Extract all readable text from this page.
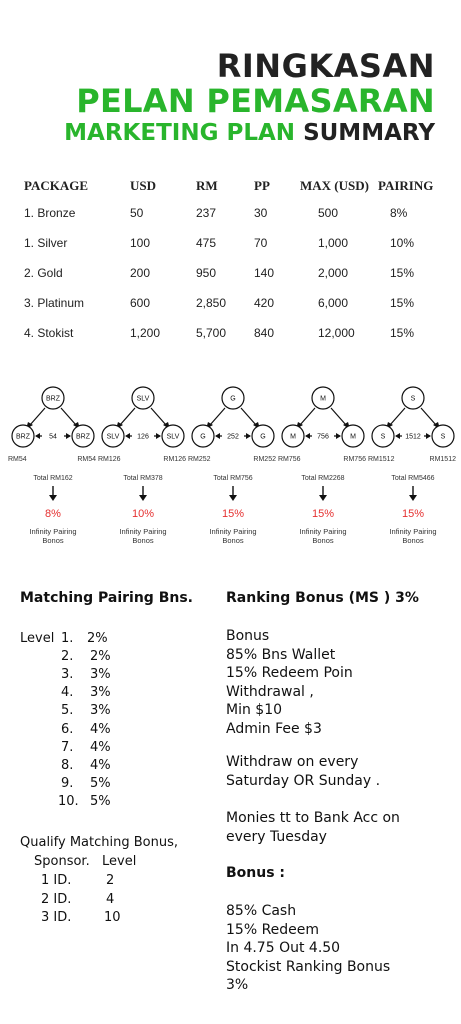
RINGKASAN
PELAN PEMASARAN
MARKETING PLAN SUMMARY
PACKAGE	USD	RM	PP	MAX (USD)	PAIRING
1. Bronze	50	237	30	500	8%
1. Silver	100	475	70	1,000	10%
2. Gold	200	950	140	2,000	15%
3. Platinum	600	2,850	420	6,000	15%
4. Stokist	1,200	5,700	840	12,000	15%
BRZ
BRZ	BRZ
54
RM54	RM54
Total RM162
8%
Infinity Pairing
Bonos
SLV
SLV	SLV
126
RM126	RM126
Total RM378
10%
Infinity Pairing
Bonos
G
G	G
252
RM252	RM252
Total RM756
15%
Infinity Pairing
Bonos
M
M	M
756
RM756	RM756
Total RM2268
15%
Infinity Pairing
Bonos
S
S	S
1512
RM1512	RM1512
Total RM5466
15%
Infinity Pairing
Bonos
Matching Pairing Bns.
Level 1. 2%
2. 2%
3. 3%
4. 3%
5. 3%
6. 4%
7. 4%
8. 4%
9. 5%
10. 5%
Qualify Matching Bonus,
Sponsor. Level
1 ID.	2
2 ID.	4
3 ID.	10
Ranking Bonus (MS ) 3%
Bonus
85% Bns Wallet
15% Redeem Poin
Withdrawal ,
Min $10
Admin Fee $3
Withdraw on every
Saturday OR Sunday .
Monies tt to Bank Acc on
every Tuesday
85% Cash
15% Redeem
In 4.75 Out 4.50
Stockist Ranking Bonus
3%
Bonus :
